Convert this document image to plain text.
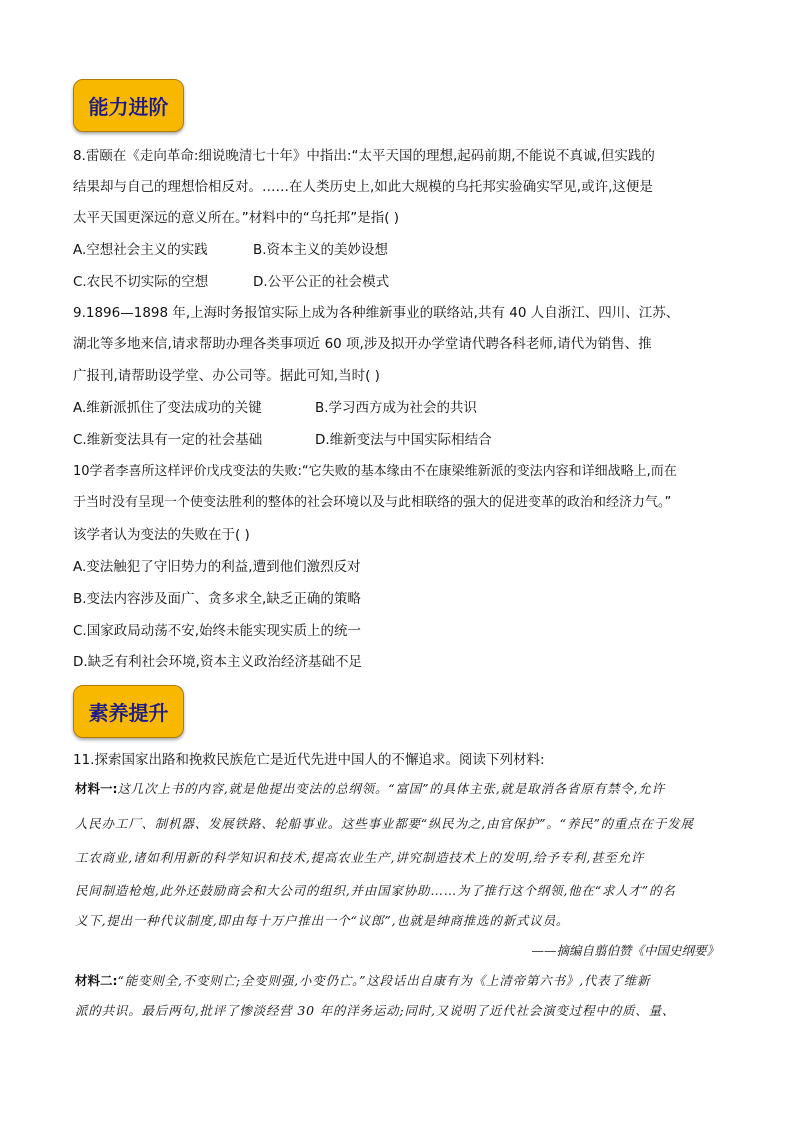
能力进阶
8.雷颐在《走向革命:细说晚清七十年》中指出:“太平天国的理想,起码前期,不能说不真诚,但实践的
结果却与自己的理想恰相反对。……在人类历史上,如此大规模的乌托邦实验确实罕见,或许,这便是
太平天国更深远的意义所在。”材料中的“乌托邦”是指( )
A.空想社会主义的实践	B.资本主义的美妙设想
C.农民不切实际的空想	D.公平公正的社会模式
9.1896—1898 年,上海时务报馆实际上成为各种维新事业的联络站,共有 40 人自浙江、四川、江苏、
湖北等多地来信,请求帮助办理各类事项近 60 项,涉及拟开办学堂请代聘各科老师,请代为销售、推
广报刊,请帮助设学堂、办公司等。据此可知,当时( )
A.维新派抓住了变法成功的关键	B.学习西方成为社会的共识
C.维新变法具有一定的社会基础	D.维新变法与中国实际相结合
10学者李喜所这样评价戊戌变法的失败:“它失败的基本缘由不在康梁维新派的变法内容和详细战略上,而在
于当时没有呈现一个使变法胜利的整体的社会环境以及与此相联络的强大的促进变革的政治和经济力气。”
该学者认为变法的失败在于( )
A.变法触犯了守旧势力的利益,遭到他们激烈反对
B.变法内容涉及面广、贪多求全,缺乏正确的策略
C.国家政局动荡不安,始终未能实现实质上的统一
D.缺乏有利社会环境,资本主义政治经济基础不足
素养提升
11.探索国家出路和挽救民族危亡是近代先进中国人的不懈追求。阅读下列材料:
材料一:这几次上书的内容,就是他提出变法的总纲领。“富国”的具体主张,就是取消各省原有禁令,允许
人民办工厂、制机器、发展铁路、轮船事业。这些事业都要“纵民为之,由官保护”。“养民”的重点在于发展
工农商业,诸如利用新的科学知识和技术,提高农业生产,讲究制造技术上的发明,给予专利,甚至允许
民间制造枪炮,此外还鼓励商会和大公司的组织,并由国家协助……为了推行这个纲领,他在“求人才”的名
义下,提出一种代议制度,即由每十万户推出一个“议郎”,也就是绅商推选的新式议员。
——摘编自翦伯赞《中国史纲要》
材料二:“能变则全,不变则亡;全变则强,小变仍亡。”这段话出自康有为《上清帝第六书》,代表了维新
派的共识。最后两句,批评了惨淡经营 30 年的洋务运动;同时,又说明了近代社会演变过程中的质、量、
